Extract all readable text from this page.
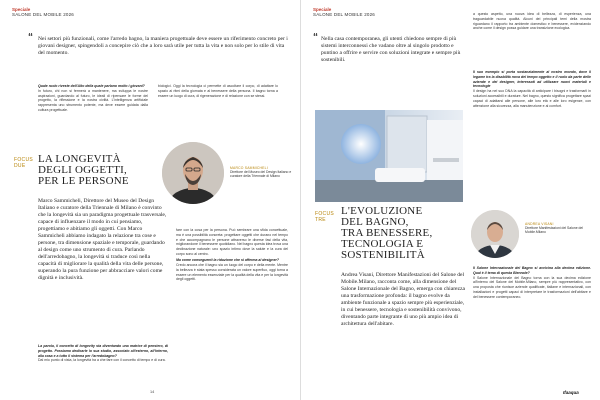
Speciale
SALONE DEL MOBILE 2026
“ Nei settori più funzionali, come l'arredo bagno, la maniera progettuale deve essere un riferimento concreto per i giovani designer, spingendoli a concepire ciò che a loro sarà utile per tutta la vita e non solo per lo stile di vita del momento.
Quale ruolo riveste dell'Alto della quale parlano molto i giovani?

In futuro, chi non si fermerà a mantenere, ma sviluppa le nostre aspirazioni, guardando al futuro, le ideali di ripensare le forme del progetto, la riflessione e la nostra civiltà. L'intelligenza artificiale rappresenta uno strumento potente, ma deve essere guidata dalla cultura progettuale.

biologici. Oggi la tecnologia ci permette di ascoltare il corpo, di adattare lo spazio ai ritmi della giornata e al benessere della persona. Il bagno torna a essere un luogo di cura, di rigenerazione e di relazione con se stessi.

FOCUS
DUE
LA LONGEVITÀ
DEGLI OGGETTI,
PER LE PERSONE
MARCO SAMMICHELI
Direttore del Museo del Design Italiano e curatore della Triennale di Milano
Marco Sammicheli, Direttore del Museo del Design Italiano e curatore della Triennale di Milano è convinto che la longevità sia un paradigma progettuale trasversale, capace di influenzare il modo in cui pensiamo, progettiamo e abitiamo gli oggetti. Con Marco Sammicheli abbiamo indagato la relazione tra cose e persone, tra dimensione spaziale e temporale, guardando al design come uno strumento di cura. Parlando dell'arredobagno, la longevità si traduce così nella capacità di migliorare la qualità della vita delle persone, superando la pura funzione per abbracciare valori come dignità e inclusività.
La parola, il concetto di longevity sta diventando una matrice di pensiero, di progetto. Possiamo dedicarle lo sua studio, associato all'esterno, all'interno, alla casa e a tutto il sistema per l'arredobagno?

Dal mio punto di vista, la longevità ha a che fare con il concetto di tempo e di cura.

fare con la cosa per la persona. Può sembrare una sfida concettuale, ma è una possibilità concreta: progettare oggetti che durano nel tempo e che accompagnano le persone attraverso le diverse fasi della vita, migliorandone il benessere quotidiano. Nel bagno questa idea trova una declinazione naturale: uno spazio intimo dove la salute e la cura del corpo sono al centro.

Ma come conseguenti la riduzione che si afferma al designer?

Credo ancora che il bagno sia un luogo del corpo e della mente. Mentre la bellezza è stata spesso considerata un valore superfluo, oggi torna a essere un elemento essenziale per la qualità della vita e per la longevità degli oggetti.

14
Speciale
SALONE DEL MOBILE 2026
“ Nella casa contemporanea, gli utenti chiedono sempre di più sistemi interconnessi che vadano oltre al singolo prodotto e puntino a offrire e servire con soluzioni integrate e sempre più sostenibili.

a questo aspetto, una nuova idea di bellezza, di esperienza, una traguardabile nuova qualità. Alcuni dei principali temi della mostra riguardano il rapporto tra ambiente domestico e benessere, evidenziando anche come il design possa guidare una transizione ecologica.

Il suo esempio si porta sostanzialmente al nostro mondo, dove il legame tra la disabilità nova del tempo oggetto e il ruolo da parte delle aziende e dei designer, interessati ad utilizzare nuovi materiali e tecnologie

Il design ha nel suo DNA la capacità di anticipare i bisogni e trasformarli in soluzioni accessibili e durature. Nel bagno, questo significa progettare spazi capaci di adattarsi alle persone, alle loro età e alle loro esigenze, con attenzione alla sicurezza, alla manutenzione e al comfort.

FOCUS
TRE
L'EVOLUZIONE
DEL BAGNO,
TRA BENESSERE,
TECNOLOGIA E
SOSTENIBILITÀ
ANDREA VISANI
Direttore Manifestazioni del Salone del Mobile.Milano
Andrea Visani, Direttore Manifestazioni del Salone del Mobile.Milano, racconta come, alla dimensione del Salone Internazionale del Bagno, emerga con chiarezza una trasformazione profonda: il bagno evolve da ambiente funzionale a spazio sempre più esperienziale, in cui benessere, tecnologia e sostenibilità convivono, diventando parte integrante di uno più ampio idea di architettura dell'abitare.
Il Salone Internazionale del Bagno si avvicina alla decima edizione. Qual è il tema di questa Biennale?

Il Salone Internazionale del Bagno torna con la sua decima edizione all'interno del Salone del Mobile.Milano, sempre più rappresentativo, con una proposta che riunisce aziende qualificate, italiane e internazionali, con installazioni e progetti capaci di interpretare le trasformazioni dell'abitare e del benessere contemporaneo.

Ifaaqua
